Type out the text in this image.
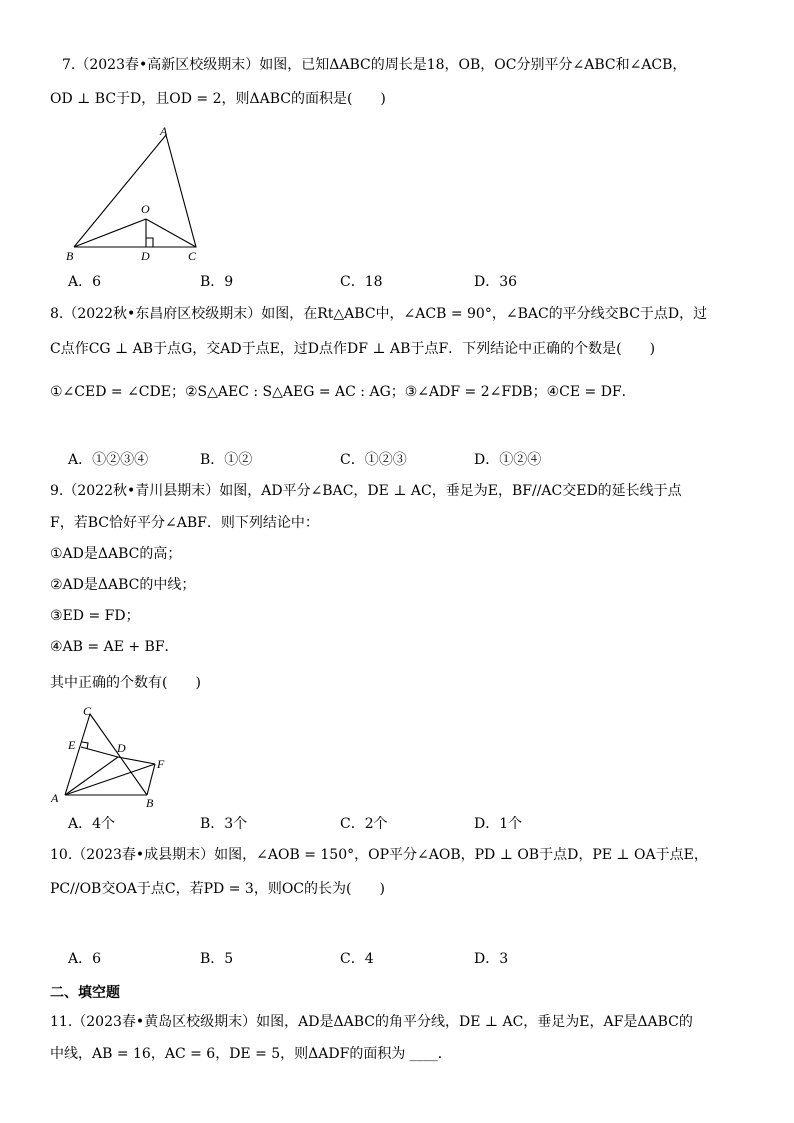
7.（2023春•高新区校级期末）如图，已知ΔABC的周长是18，OB，OC分别平分∠ABC和∠ACB，
OD ⊥ BC于D，且OD = 2，则ΔABC的面积是(　　)
A
O
B	D	C
A．6	B．9	C．18	D．36
8.（2022秋•东昌府区校级期末）如图，在Rt△ABC中，∠ACB = 90°，∠BAC的平分线交BC于点D，过
C点作CG ⊥ AB于点G，交AD于点E，过D点作DF ⊥ AB于点F．下列结论中正确的个数是(　　)
①∠CED = ∠CDE；②S△AEC : S△AEG = AC : AG；③∠ADF = 2∠FDB；④CE = DF．
A．①②③④	B．①②	C．①②③	D．①②④
9.（2022秋•青川县期末）如图，AD平分∠BAC，DE ⊥ AC，垂足为E，BF//AC交ED的延长线于点
F，若BC恰好平分∠ABF．则下列结论中：
①AD是ΔABC的高；
②AD是ΔABC的中线；
③ED = FD；
④AB = AE + BF．
其中正确的个数有(　　)
C
E	D
F
A	B
A．4个	B．3个	C．2个	D．1个
10.（2023春•成县期末）如图，∠AOB = 150°，OP平分∠AOB，PD ⊥ OB于点D，PE ⊥ OA于点E，
PC//OB交OA于点C，若PD = 3，则OC的长为(　　)
A．6	B．5	C．4	D．3
二、填空题
11.（2023春•黄岛区校级期末）如图，AD是ΔABC的角平分线，DE ⊥ AC，垂足为E，AF是ΔABC的
中线，AB = 16，AC = 6，DE = 5，则ΔADF的面积为 ____．
